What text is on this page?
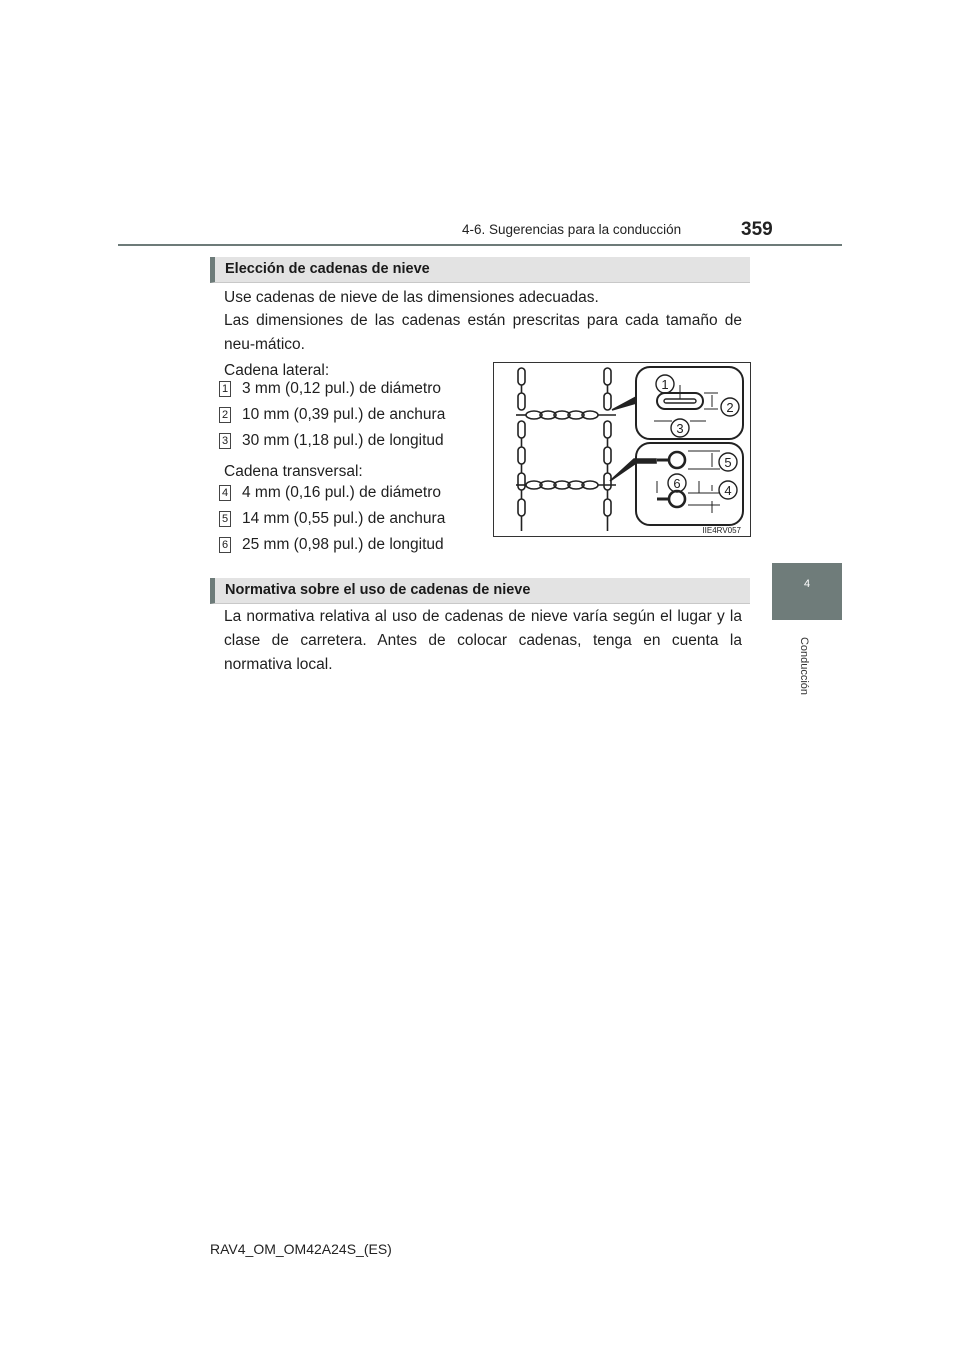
4-6. Sugerencias para la conducción	359
4
Conducción
Elección de cadenas de nieve
Use cadenas de nieve de las dimensiones adecuadas.
Las dimensiones de las cadenas están prescritas para cada tamaño de neu-mático.
Cadena lateral:
1 3 mm (0,12 pul.) de diámetro
2 10 mm (0,39 pul.) de anchura
3 30 mm (1,18 pul.) de longitud
Cadena transversal:
4 4 mm (0,16 pul.) de diámetro
5 14 mm (0,55 pul.) de anchura
6 25 mm (0,98 pul.) de longitud
1
2
3
5
6	4
IIE4RV057
Normativa sobre el uso de cadenas de nieve
La normativa relativa al uso de cadenas de nieve varía según el lugar y la clase de carretera. Antes de colocar cadenas, tenga en cuenta la normativa local.
RAV4_OM_OM42A24S_(ES)
